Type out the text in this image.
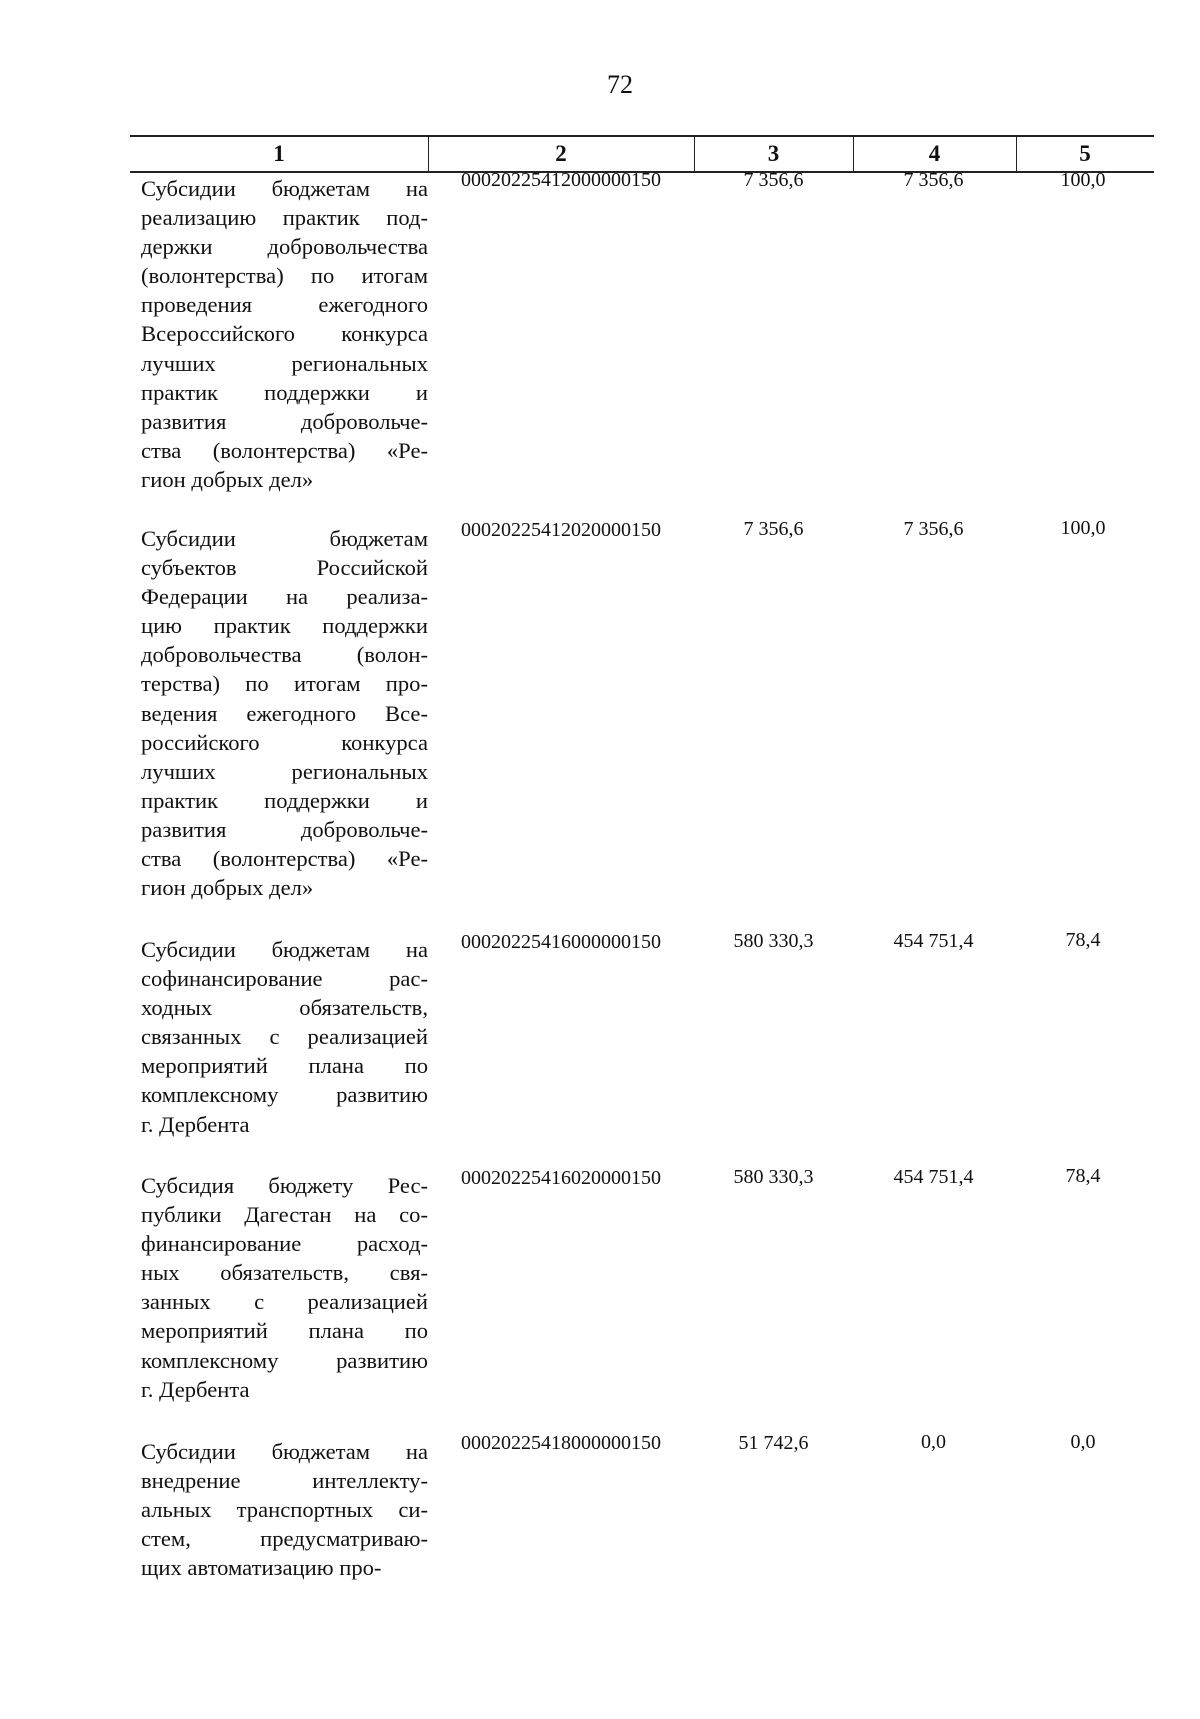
72
1	2	3	4	5
Субсидии бюджетам на
реализацию практик под-
держки добровольчества
(волонтерства) по итогам
проведения ежегодного
Всероссийского конкурса
лучших региональных
практик поддержки и
развития добровольче-
ства (волонтерства) «Ре-
гион добрых дел»
00020225412000000150	7 356,6	7 356,6	100,0
Субсидии бюджетам
субъектов Российской
Федерации на реализа-
цию практик поддержки
добровольчества (волон-
терства) по итогам про-
ведения ежегодного Все-
российского конкурса
лучших региональных
практик поддержки и
развития добровольче-
ства (волонтерства) «Ре-
гион добрых дел»
00020225412020000150	7 356,6	7 356,6	100,0
Субсидии бюджетам на
софинансирование рас-
ходных обязательств,
связанных с реализацией
мероприятий плана по
комплексному развитию
г. Дербента
00020225416000000150	580 330,3	454 751,4	78,4
Субсидия бюджету Рес-
публики Дагестан на со-
финансирование расход-
ных обязательств, свя-
занных с реализацией
мероприятий плана по
комплексному развитию
г. Дербента
00020225416020000150	580 330,3	454 751,4	78,4
Субсидии бюджетам на
внедрение интеллекту-
альных транспортных си-
стем, предусматриваю-
щих автоматизацию про-
00020225418000000150	51 742,6	0,0	0,0
